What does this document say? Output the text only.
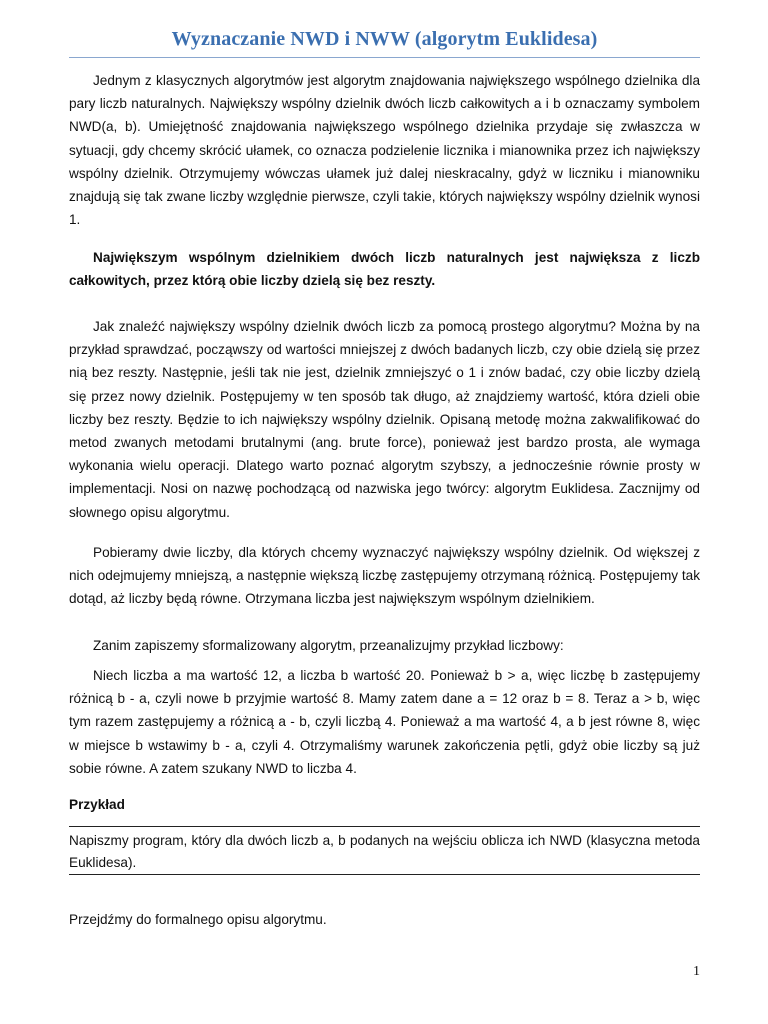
Wyznaczanie NWD i NWW (algorytm Euklidesa)

Jednym z klasycznych algorytmów jest algorytm znajdowania największego wspólnego dzielnika dla pary liczb naturalnych. Największy wspólny dzielnik dwóch liczb całkowitych a i b oznaczamy symbolem NWD(a, b). Umiejętność znajdowania największego wspólnego dzielnika przydaje się zwłaszcza w sytuacji, gdy chcemy skrócić ułamek, co oznacza podzielenie licznika i mianownika przez ich największy wspólny dzielnik. Otrzymujemy wówczas ułamek już dalej nieskracalny, gdyż w liczniku i mianowniku znajdują się tak zwane liczby względnie pierwsze, czyli takie, których największy wspólny dzielnik wynosi 1.

Największym wspólnym dzielnikiem dwóch liczb naturalnych jest największa z liczb całkowitych, przez którą obie liczby dzielą się bez reszty.

Jak znaleźć największy wspólny dzielnik dwóch liczb za pomocą prostego algorytmu? Można by na przykład sprawdzać, począwszy od wartości mniejszej z dwóch badanych liczb, czy obie dzielą się przez nią bez reszty. Następnie, jeśli tak nie jest, dzielnik zmniejszyć o 1 i znów badać, czy obie liczby dzielą się przez nowy dzielnik. Postępujemy w ten sposób tak długo, aż znajdziemy wartość, która dzieli obie liczby bez reszty. Będzie to ich największy wspólny dzielnik. Opisaną metodę można zakwalifikować do metod zwanych metodami brutalnymi (ang. brute force), ponieważ jest bardzo prosta, ale wymaga wykonania wielu operacji. Dlatego warto poznać algorytm szybszy, a jednocześnie równie prosty w implementacji. Nosi on nazwę pochodzącą od nazwiska jego twórcy: algorytm Euklidesa. Zacznijmy od słownego opisu algorytmu.

Pobieramy dwie liczby, dla których chcemy wyznaczyć największy wspólny dzielnik. Od większej z nich odejmujemy mniejszą, a następnie większą liczbę zastępujemy otrzymaną różnicą. Postępujemy tak dotąd, aż liczby będą równe. Otrzymana liczba jest największym wspólnym dzielnikiem.

Zanim zapiszemy sformalizowany algorytm, przeanalizujmy przykład liczbowy:

Niech liczba a ma wartość 12, a liczba b wartość 20. Ponieważ b > a, więc liczbę b zastępujemy różnicą b - a, czyli nowe b przyjmie wartość 8. Mamy zatem dane a = 12 oraz b = 8. Teraz a > b, więc tym razem zastępujemy a różnicą a - b, czyli liczbą 4. Ponieważ a ma wartość 4, a b jest równe 8, więc w miejsce b wstawimy b - a, czyli 4. Otrzymaliśmy warunek zakończenia pętli, gdyż obie liczby są już sobie równe. A zatem szukany NWD to liczba 4.

Przykład

Napiszmy program, który dla dwóch liczb a, b podanych na wejściu oblicza ich NWD (klasyczna metoda Euklidesa).

Przejdźmy do formalnego opisu algorytmu.

1
